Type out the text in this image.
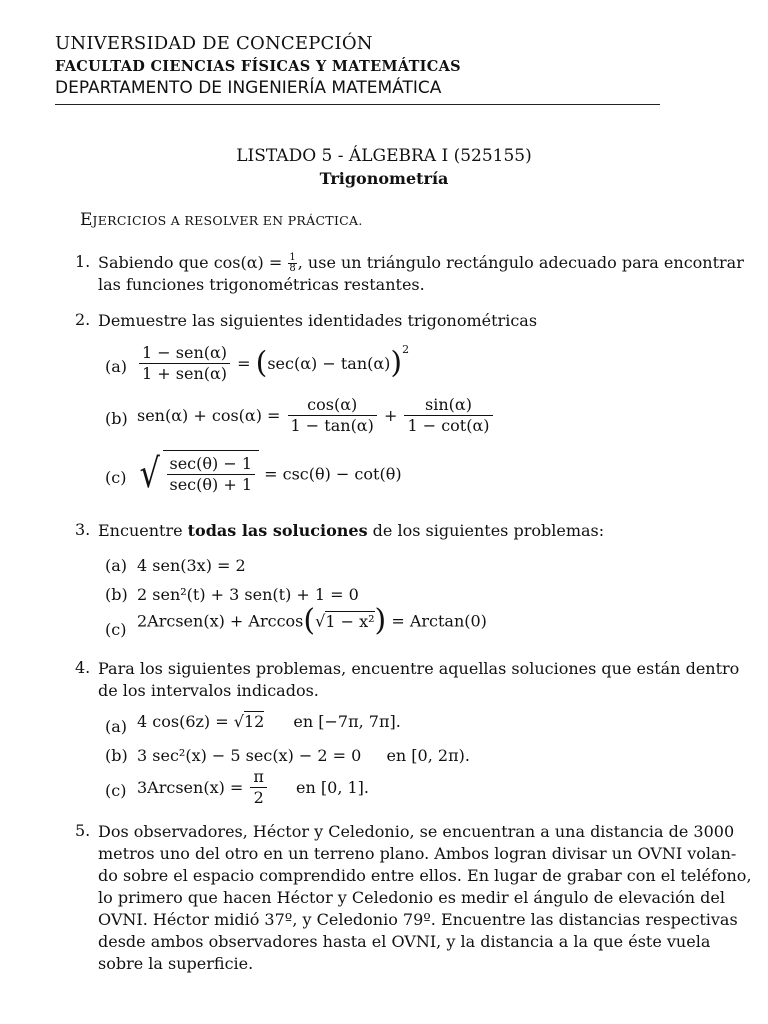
UNIVERSIDAD DE CONCEPCIÓN
FACULTAD CIENCIAS FÍSICAS Y MATEMÁTICAS
DEPARTAMENTO DE INGENIERÍA MATEMÁTICA
LISTADO 5 - ÁLGEBRA I (525155)
Trigonometría
EJERCICIOS A RESOLVER EN PRÁCTICA.
1. Sabiendo que $\cos(\alpha) = \frac{1}{8}$ , use un triángulo rectángulo adecuado para encontrar
las funciones trigonométricas restantes.
2. Demuestre las siguientes identidades trigonométricas
$(a) \frac{\text{1 − sen(α)}}{\text{1 + sen(α)}} = (\sec(\alpha) - \tan(\alpha))^2$
(b) $sen(\alpha) + \cos(\alpha) = \frac{\cos(\alpha)}{1 - \tan(\alpha)} + \frac{\sin(\alpha)}{1 - \cot(\alpha)}$
(c) √ $\frac{\sec(\theta) - 1}{\sec(\theta) + 1} = \csc(\theta) - \cot(\theta)$
3. Encuentre todas las soluciones de los siguientes problemas:
(a) 4 sen(3x) = 2
(b) 2 sen²(t) + 3 sen(t) + 1 = 0
(c) 2Arcsen(x) + Arccos(√1 − x²) = Arctan(0)
4. Para los siguientes problemas, encuentre aquellas soluciones que están dentro
de los intervalos indicados.
(a) 4 cos(6z) = √12 en [−7π, 7π].
(b) 3 sec²(x) − 5 sec(x) − 2 = 0 en [0, 2π).
(c) 3Arcsen(x) = $\frac{\pi}{2}$ en [0, 1].
5. Dos observadores, Héctor y Celedonio, se encuentran a una distancia de 3000
metros uno del otro en un terreno plano. Ambos logran divisar un OVNI volan-
do sobre el espacio comprendido entre ellos. En lugar de grabar con el teléfono,
lo primero que hacen Héctor y Celedonio es medir el ángulo de elevación del
OVNI. Héctor midió 37º, y Celedonio 79º. Encuentre las distancias respectivas
desde ambos observadores hasta el OVNI, y la distancia a la que éste vuela
sobre la superficie.
